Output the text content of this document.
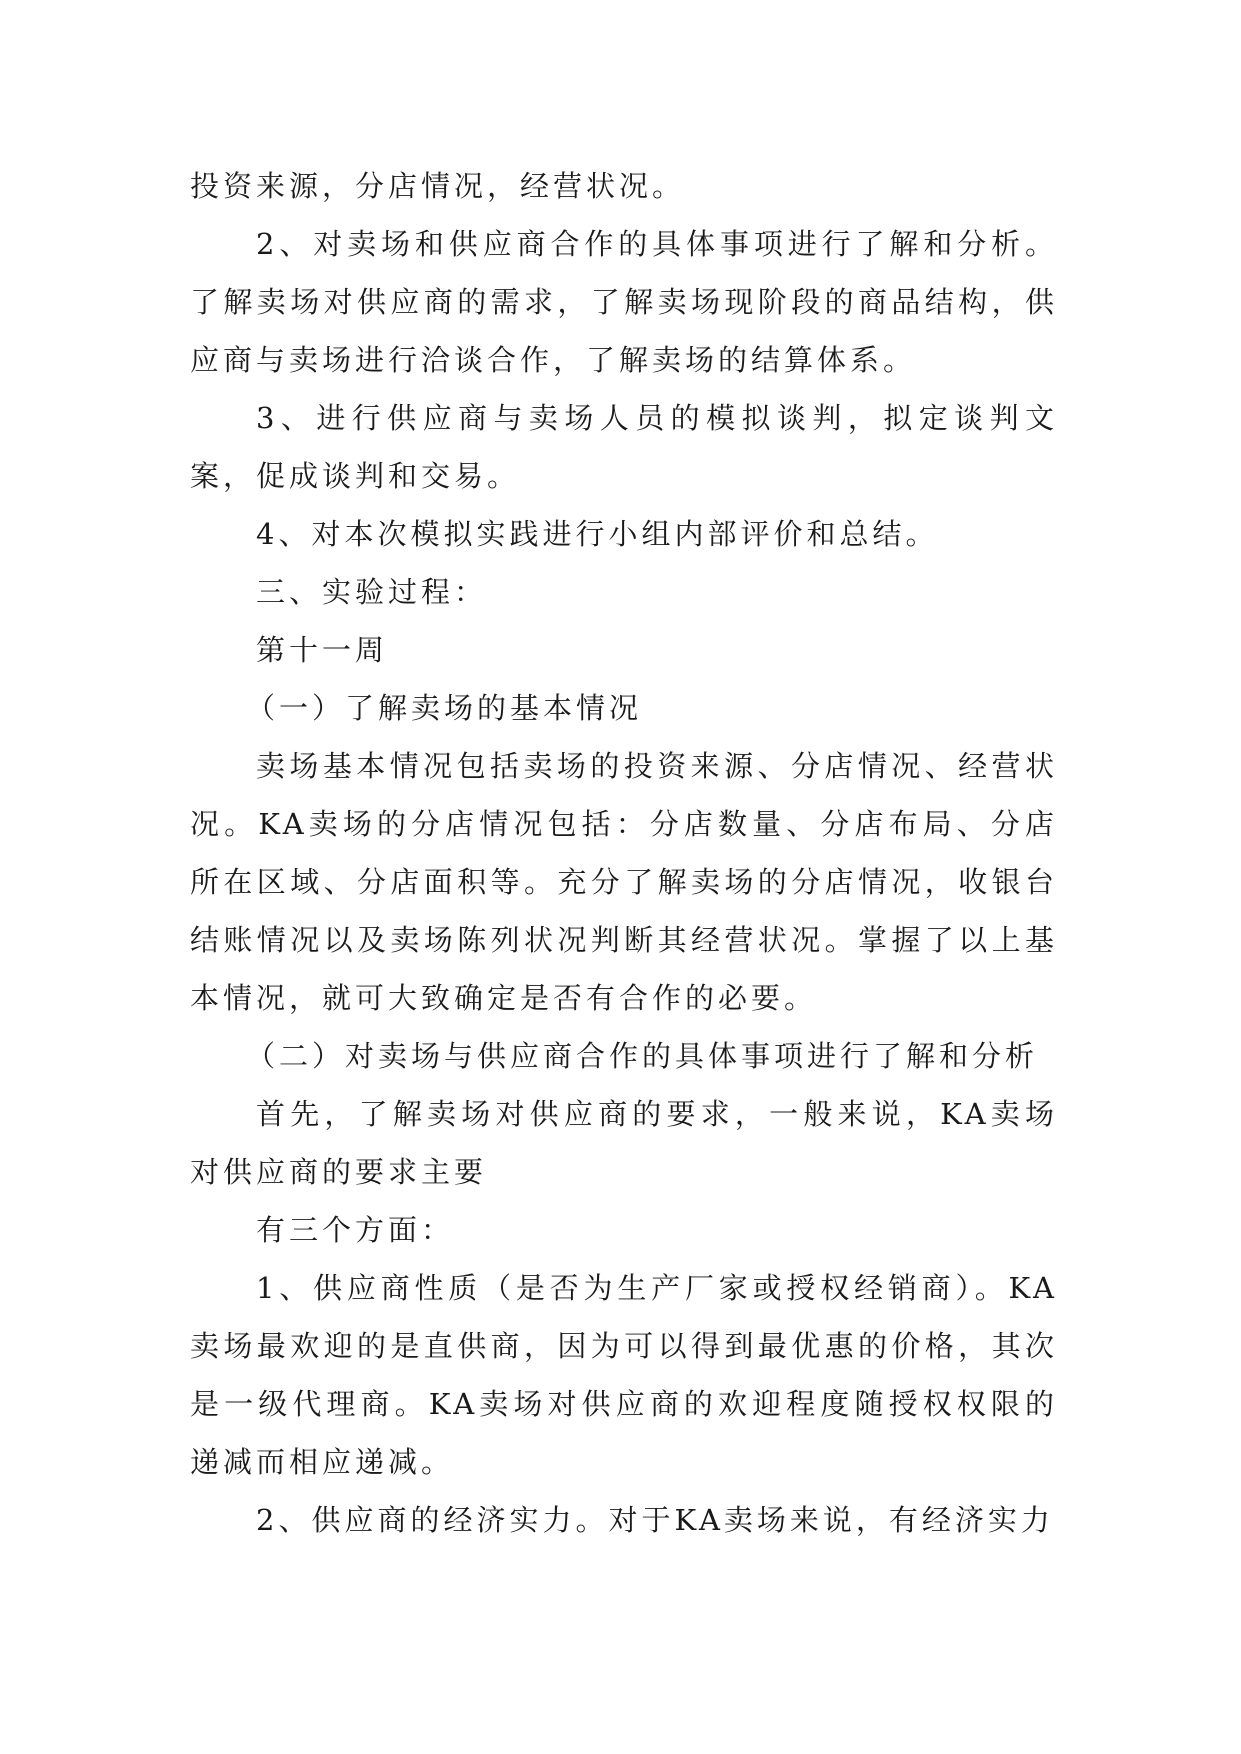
投资来源，分店情况，经营状况。

2、对卖场和供应商合作的具体事项进行了解和分析。了解卖场对供应商的需求，了解卖场现阶段的商品结构，供应商与卖场进行洽谈合作，了解卖场的结算体系。

3、进行供应商与卖场人员的模拟谈判，拟定谈判文案，促成谈判和交易。

4、对本次模拟实践进行小组内部评价和总结。

三、实验过程：

第十一周

（一）了解卖场的基本情况

卖场基本情况包括卖场的投资来源、分店情况、经营状况。KA卖场的分店情况包括：分店数量、分店布局、分店所在区域、分店面积等。充分了解卖场的分店情况，收银台结账情况以及卖场陈列状况判断其经营状况。掌握了以上基本情况，就可大致确定是否有合作的必要。

（二）对卖场与供应商合作的具体事项进行了解和分析

首先，了解卖场对供应商的要求，一般来说，KA卖场对供应商的要求主要

有三个方面：

1、供应商性质（是否为生产厂家或授权经销商）。KA卖场最欢迎的是直供商，因为可以得到最优惠的价格，其次是一级代理商。KA卖场对供应商的欢迎程度随授权权限的递减而相应递减。

2、供应商的经济实力。对于KA卖场来说，有经济实力
